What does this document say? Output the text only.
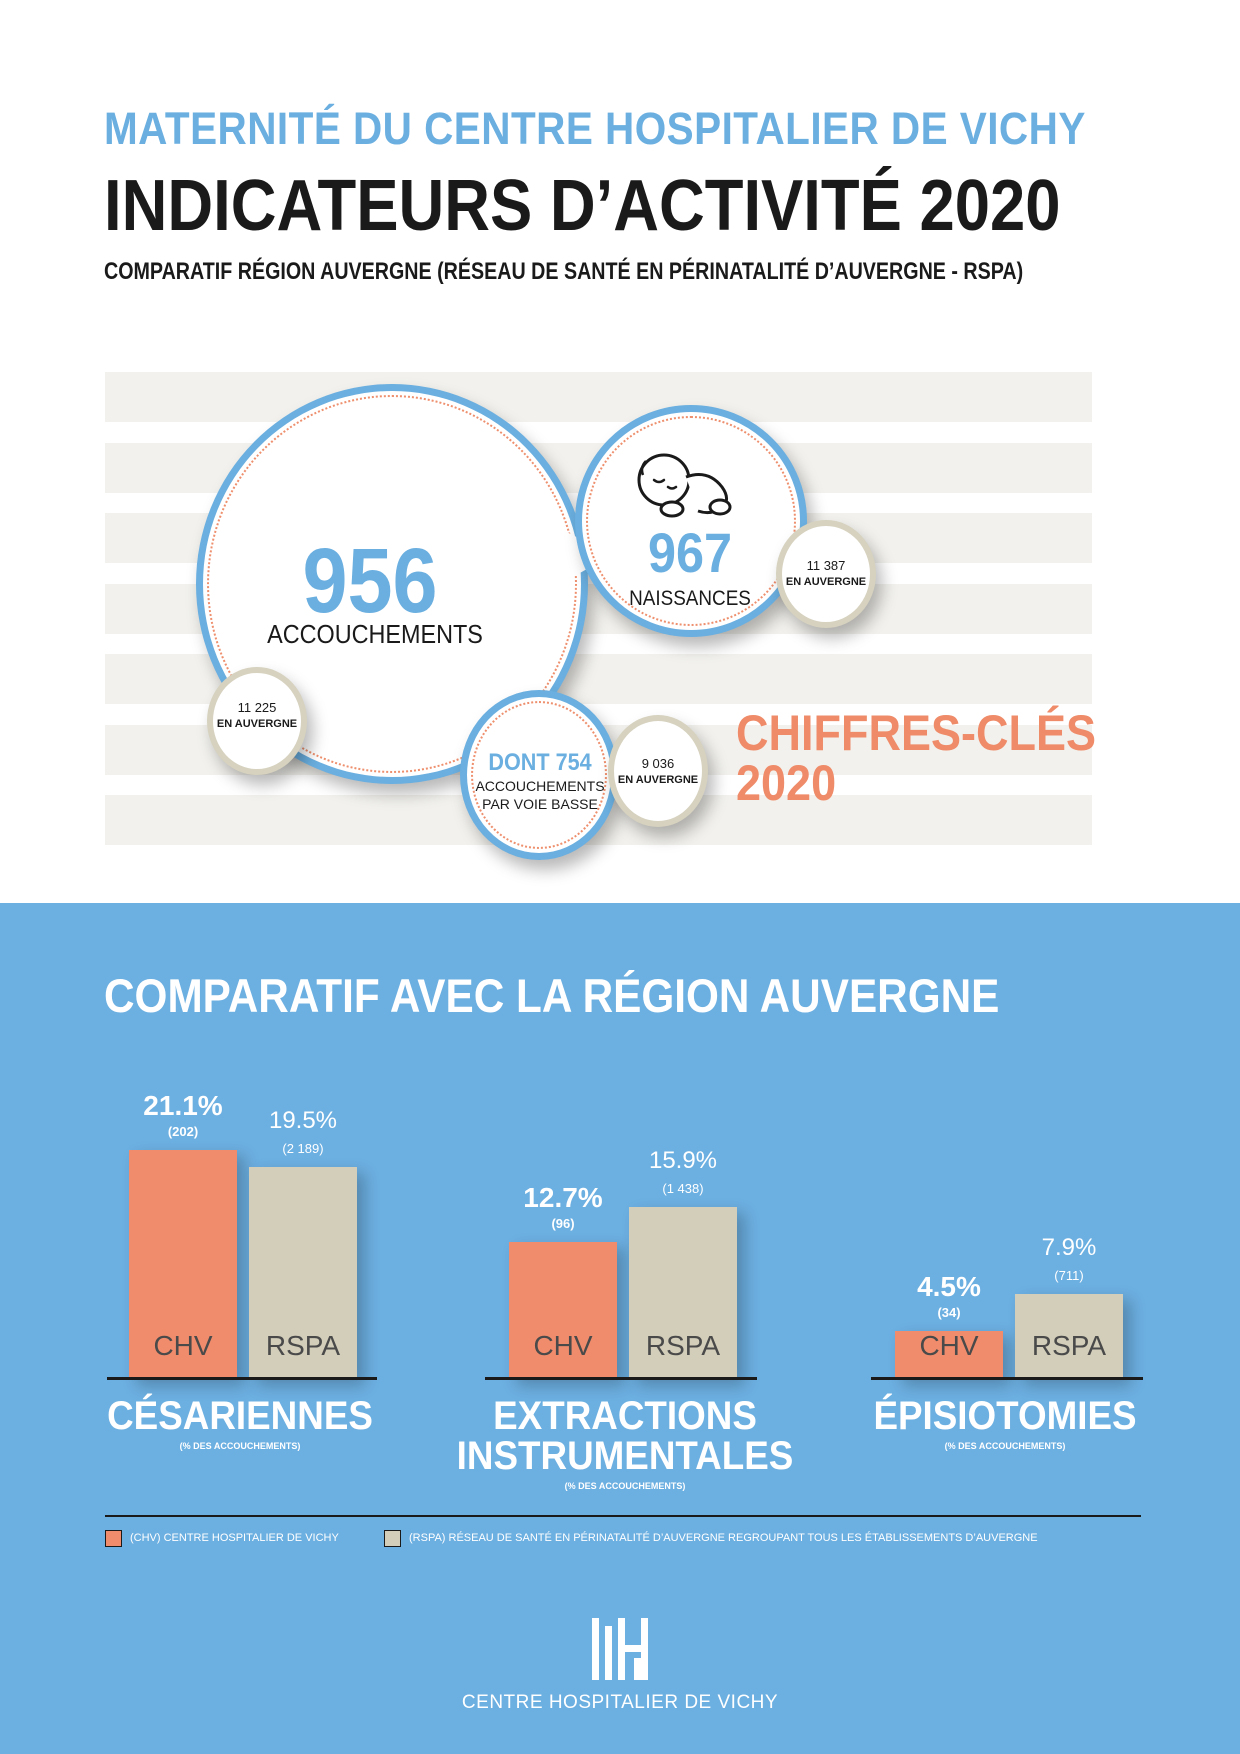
MATERNITÉ DU CENTRE HOSPITALIER DE VICHY
INDICATEURS D’ACTIVITÉ 2020
COMPARATIF RÉGION AUVERGNE (RÉSEAU DE SANTÉ EN PÉRINATALITÉ D’AUVERGNE - RSPA)
956
ACCOUCHEMENTS
967
NAISSANCES
DONT 754
ACCOUCHEMENTS
PAR VOIE BASSE
11 225
EN AUVERGNE
11 387
EN AUVERGNE
9 036
EN AUVERGNE
CHIFFRES-CLÉS
2020
COMPARATIF AVEC LA RÉGION AUVERGNE
CHV
21.1%
(202)
RSPA
19.5%
(2 189)
CHV
12.7%
(96)
RSPA
15.9%
(1 438)
CHV
4.5%
(34)
RSPA
7.9%
(711)
CÉSARIENNES
(% DES ACCOUCHEMENTS)
EXTRACTIONS
INSTRUMENTALES
(% DES ACCOUCHEMENTS)
ÉPISIOTOMIES
(% DES ACCOUCHEMENTS)
(CHV) CENTRE HOSPITALIER DE VICHY	(RSPA) RÉSEAU DE SANTÉ EN PÉRINATALITÉ D’AUVERGNE REGROUPANT TOUS LES ÉTABLISSEMENTS D’AUVERGNE
CENTRE HOSPITALIER DE VICHY
